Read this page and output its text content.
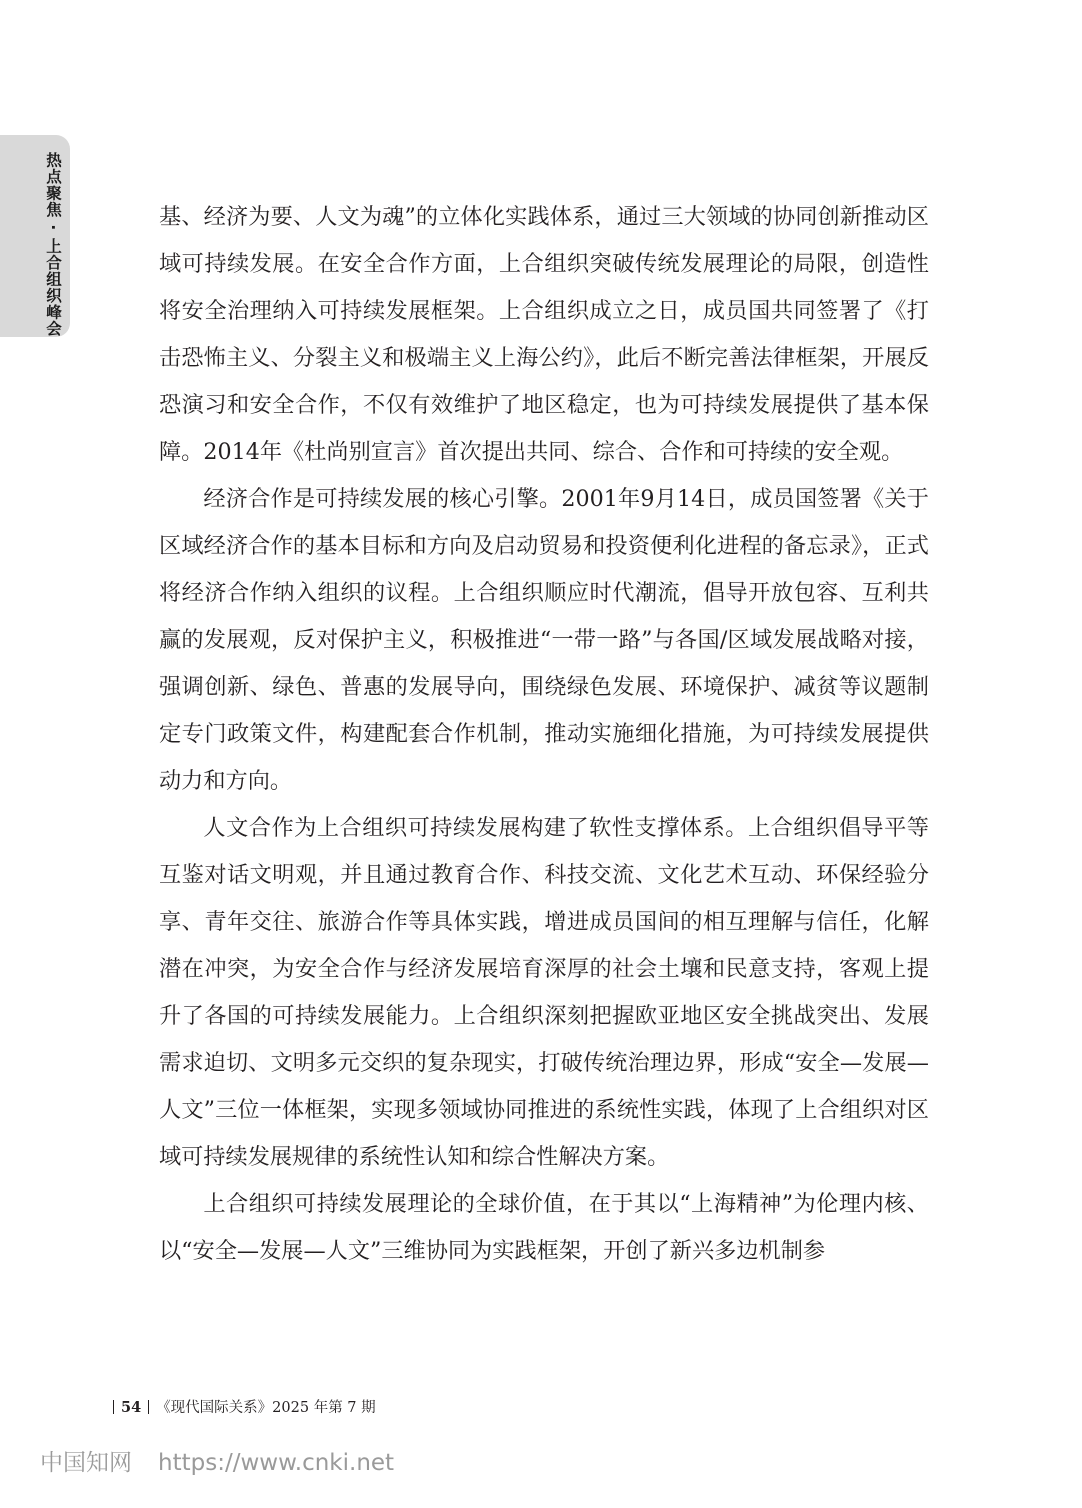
热点聚焦 · 上合组织峰会	基、经济为要、人文为魂”的立体化实践体系，通过三大领域的协同创新推动区域可持续发展。在安全合作方面，上合组织突破传统发展理论的局限，创造性将安全治理纳入可持续发展框架。上合组织成立之日，成员国共同签署了《打击恐怖主义、分裂主义和极端主义上海公约》，此后不断完善法律框架，开展反恐演习和安全合作，不仅有效维护了地区稳定，也为可持续发展提供了基本保障。2014年《杜尚别宣言》首次提出共同、综合、合作和可持续的安全观。

经济合作是可持续发展的核心引擎。2001年9月14日，成员国签署《关于区域经济合作的基本目标和方向及启动贸易和投资便利化进程的备忘录》，正式将经济合作纳入组织的议程。上合组织顺应时代潮流，倡导开放包容、互利共赢的发展观，反对保护主义，积极推进“一带一路”与各国/区域发展战略对接，强调创新、绿色、普惠的发展导向，围绕绿色发展、环境保护、减贫等议题制定专门政策文件，构建配套合作机制，推动实施细化措施，为可持续发展提供动力和方向。

人文合作为上合组织可持续发展构建了软性支撑体系。上合组织倡导平等互鉴对话文明观，并且通过教育合作、科技交流、文化艺术互动、环保经验分享、青年交往、旅游合作等具体实践，增进成员国间的相互理解与信任，化解潜在冲突，为安全合作与经济发展培育深厚的社会土壤和民意支持，客观上提升了各国的可持续发展能力。上合组织深刻把握欧亚地区安全挑战突出、发展需求迫切、文明多元交织的复杂现实，打破传统治理边界，形成“安全—发展—人文”三位一体框架，实现多领域协同推进的系统性实践，体现了上合组织对区域可持续发展规律的系统性认知和综合性解决方案。

上合组织可持续发展理论的全球价值，在于其以“上海精神”为伦理内核、以“安全—发展—人文”三维协同为实践框架，开创了新兴多边机制参

54 《现代国际关系》2025 年第 7 期
中国知网 https://www.cnki.net
